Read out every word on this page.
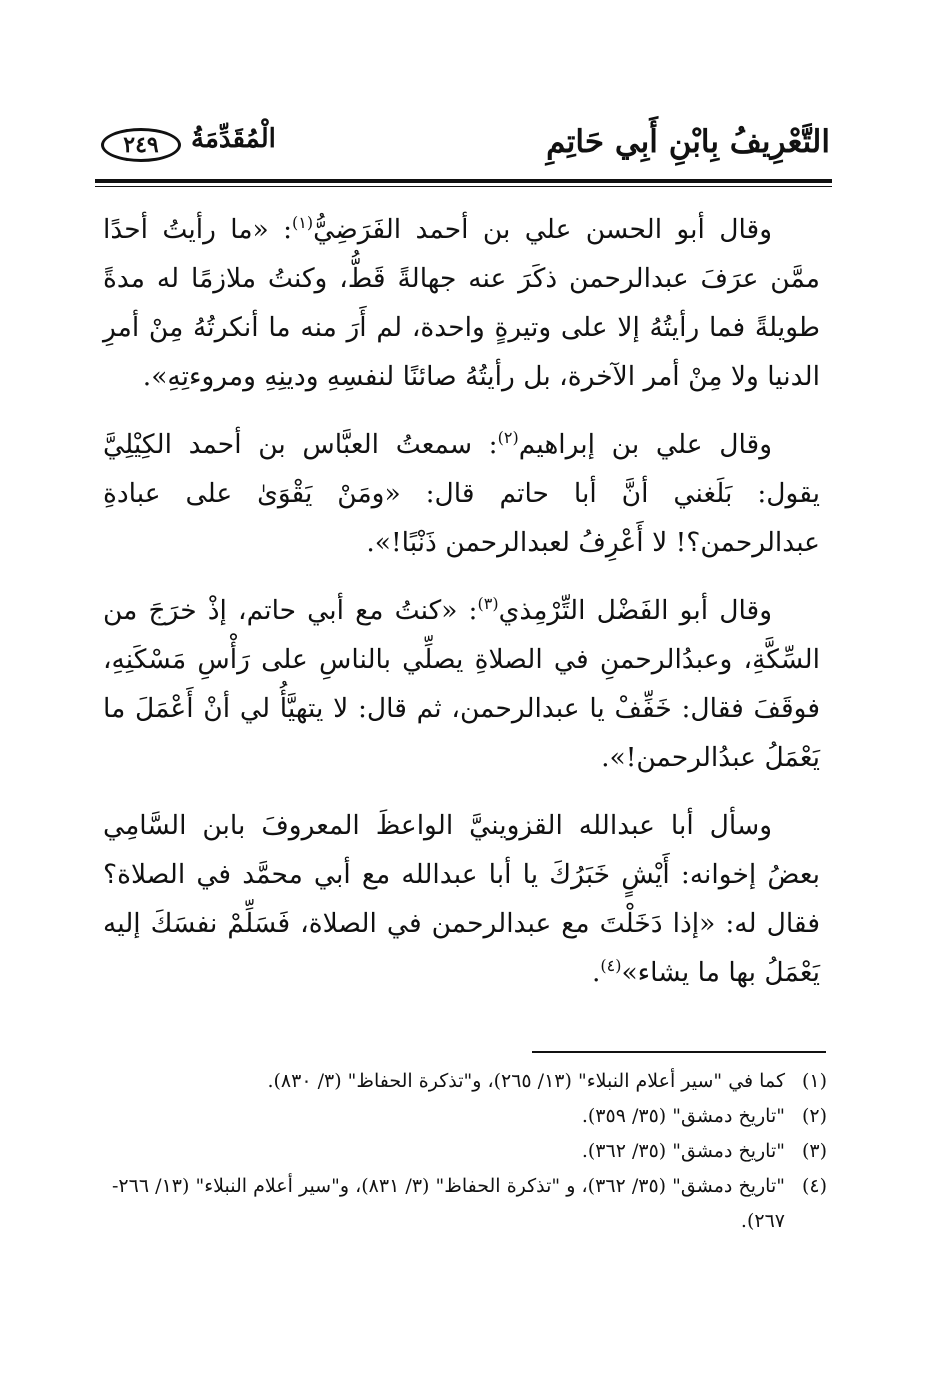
التَّعْرِيفُ بِابْنِ أَبِي حَاتِمِ
الْمُقَدِّمَةُ
٢٤٩

وقال أبو الحسن علي بن أحمد الفَرَضِيُّ$^{(١)}$: «ما رأيتُ أحدًا ممَّن عرَفَ عبدالرحمن ذكَرَ عنه جهالةً قَطُّ، وكنتُ ملازمًا له مدةً طويلةً فما رأيتُهُ إلا على وتيرةٍ واحدة، لم أَرَ منه ما أنكرتُهُ مِنْ أمرِ الدنيا ولا مِنْ أمر الآخرة، بل رأيتُهُ صائنًا لنفسِهِ ودينِهِ ومروءتِهِ».

وقال علي بن إبراهيم$^{(٢)}$: سمعتُ العبَّاس بن أحمد الكِيْلِيَّ يقول: بَلَغني أنَّ أبا حاتم قال: «ومَنْ يَقْوَىٰ على عبادةِ عبدالرحمن؟! لا أَعْرِفُ لعبدالرحمن ذَنْبًا!».

وقال أبو الفَضْل التِّرْمِذي$^{(٣)}$: «كنتُ مع أبي حاتم، إذْ خرَجَ من السِّكَّةِ، وعبدُالرحمنِ في الصلاةِ يصلِّي بالناسِ على رَأْسِ مَسْكَنِهِ، فوقَفَ فقال: خَفِّفْ يا عبدالرحمن، ثم قال: لا يتهيَّأُ لي أنْ أَعْمَلَ ما يَعْمَلُ عبدُالرحمن!».

وسأل أبا عبدالله القزوينيَّ الواعظَ المعروفَ بابن السَّامِي بعضُ إخوانه: أَيْشٍ خَبَرُكَ يا أبا عبدالله مع أبي محمَّد في الصلاة؟ فقال له: «إذا دَخَلْتَ مع عبدالرحمن في الصلاة، فَسَلِّمْ نفسَكَ إليه يَعْمَلُ بها ما يشاء»$^{(٤)}$.

(١)
كما في "سير أعلام النبلاء" (١٣/ ٢٦٥)، و"تذكرة الحفاظ" (٣/ ٨٣٠).
(٢)
"تاريخ دمشق" (٣٥/ ٣٥٩).
(٣)
"تاريخ دمشق" (٣٥/ ٣٦٢).
(٤)
"تاريخ دمشق" (٣٥/ ٣٦٢)، و "تذكرة الحفاظ" (٣/ ٨٣١)، و"سير أعلام النبلاء" (١٣/ ٢٦٦- ٢٦٧).
